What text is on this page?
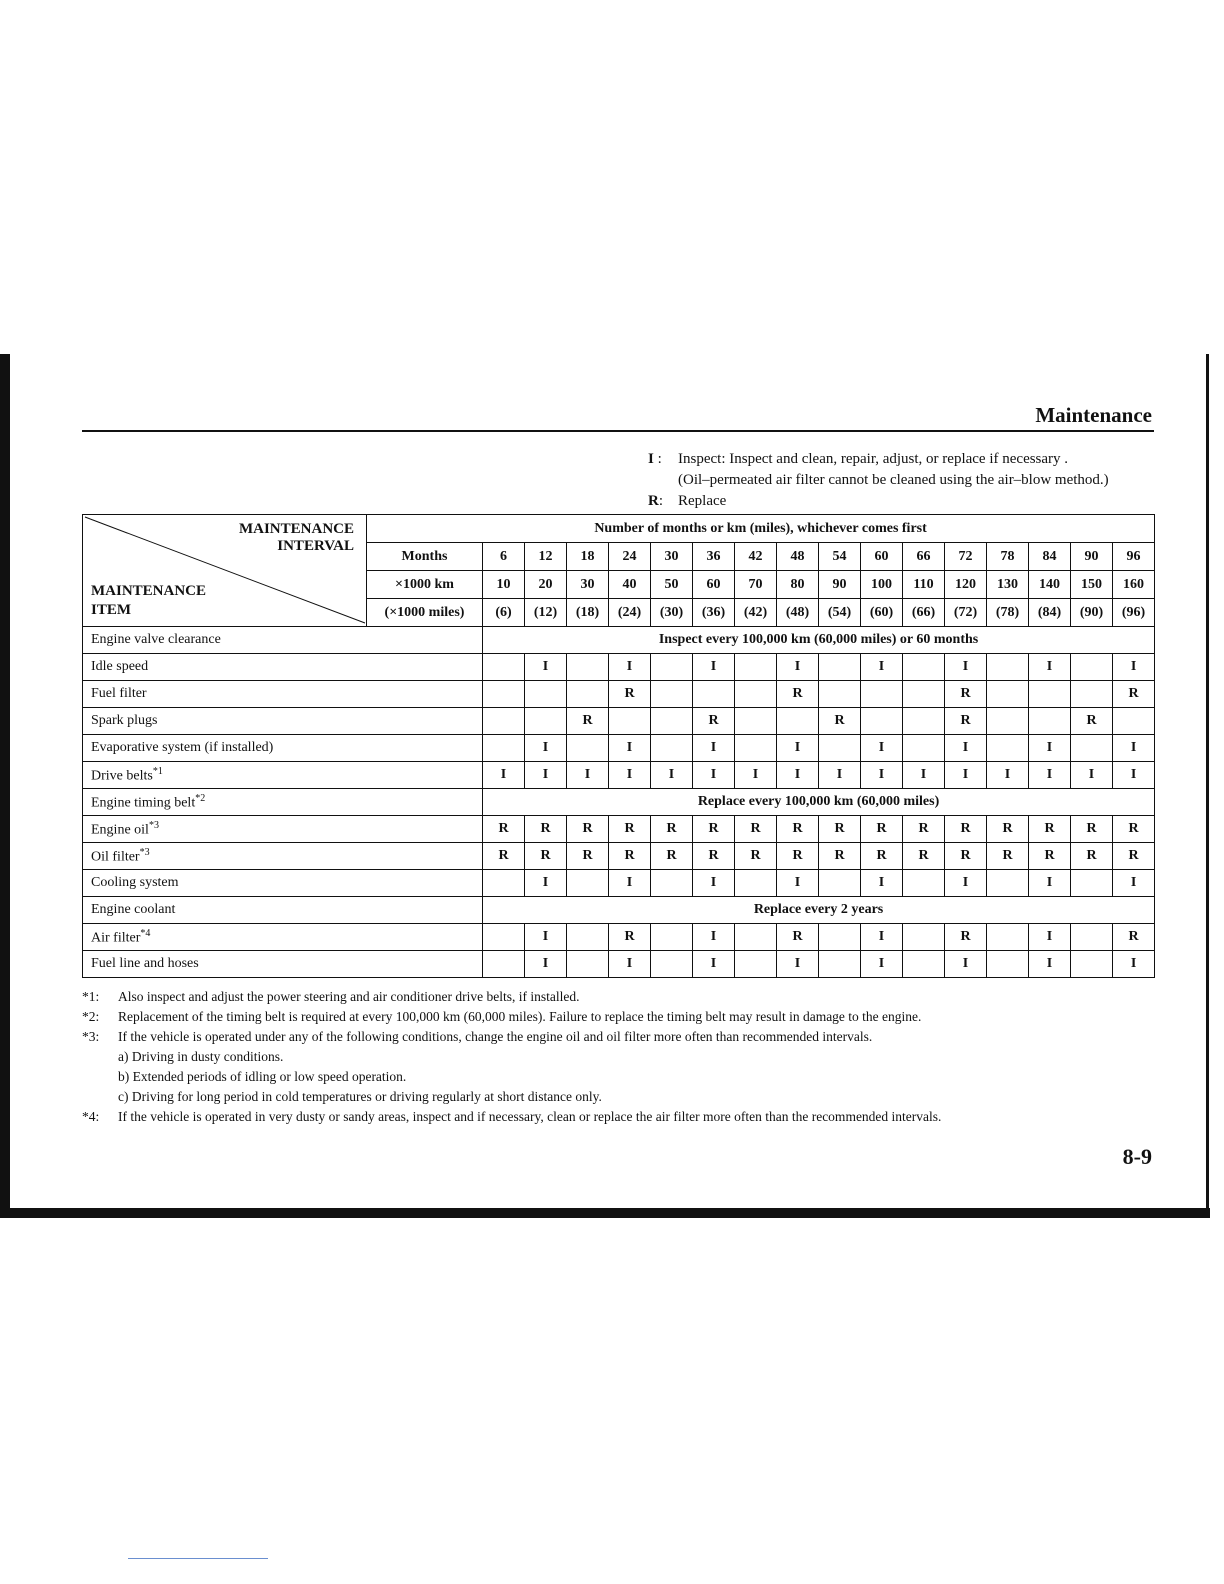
Maintenance
I :	Inspect: Inspect and clean, repair, adjust, or replace if necessary .
(Oil–permeated air filter cannot be cleaned using the air–blow method.)
R: Replace
MAINTENANCE
INTERVAL
MAINTENANCE
ITEM	Number of months or km (miles), whichever comes first																
	Months	6	12	18	24	30	36	42	48	54	60	66	72	78	84	90	96
	×1000 km	10	20	30	40	50	60	70	80	90	100	110	120	130	140	150	160
	(×1000 miles)	(6)	(12)	(18)	(24)	(30)	(36)	(42)	(48)	(54)	(60)	(66)	(72)	(78)	(84)	(90)	(96)
Engine valve clearance		Inspect every 100,000 km (60,000 miles) or 60 months															
Idle speed			I		I		I		I		I		I		I		I
Fuel filter					R				R				R				R
Spark plugs				R			R			R			R			R	
Evaporative system (if installed)			I		I		I		I		I		I		I		I
Drive belts$^{*1}$		I	I	I	I	I	I	I	I	I	I	I	I	I	I	I	I
Engine timing belt$^{*2}$		Replace every 100,000 km (60,000 miles)															
Engine oil$^{*3}$		R	R	R	R	R	R	R	R	R	R	R	R	R	R	R	R
Oil filter$^{*3}$		R	R	R	R	R	R	R	R	R	R	R	R	R	R	R	R
Cooling system			I		I		I		I		I		I		I		I
Engine coolant		Replace every 2 years															
Air filter$^{*4}$			I		R		I		R		I		R		I		R
Fuel line and hoses			I		I		I		I		I		I		I		I
*1:	Also inspect and adjust the power steering and air conditioner drive belts, if installed.
*2:	Replacement of the timing belt is required at every 100,000 km (60,000 miles). Failure to replace the timing belt may result in damage to the engine.
*3:	If the vehicle is operated under any of the following conditions, change the engine oil and oil filter more often than recommended intervals.
a) Driving in dusty conditions.
b) Extended periods of idling or low speed operation.
c) Driving for long period in cold temperatures or driving regularly at short distance only.
*4:	If the vehicle is operated in very dusty or sandy areas, inspect and if necessary, clean or replace the air filter more often than the recommended intervals.
8-9
